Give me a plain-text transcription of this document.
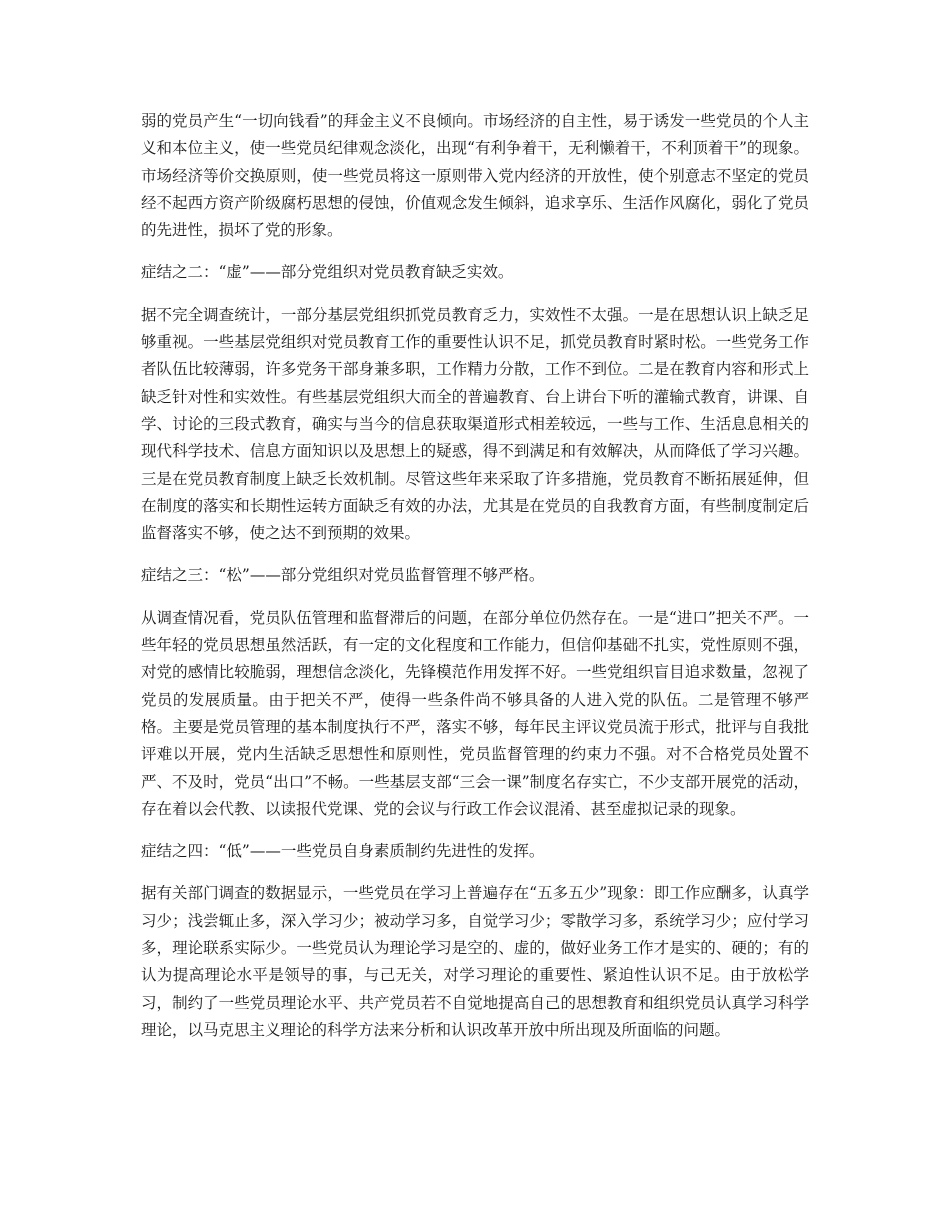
弱的党员产生“一切向钱看”的拜金主义不良倾向。市场经济的自主性，易于诱发一些党员的个人主义和本位主义，使一些党员纪律观念淡化，出现“有利争着干，无利懒着干，不利顶着干”的现象。市场经济等价交换原则，使一些党员将这一原则带入党内经济的开放性，使个别意志不坚定的党员经不起西方资产阶级腐朽思想的侵蚀，价值观念发生倾斜，追求享乐、生活作风腐化，弱化了党员的先进性，损坏了党的形象。

症结之二：“虚”——部分党组织对党员教育缺乏实效。

据不完全调查统计，一部分基层党组织抓党员教育乏力，实效性不太强。一是在思想认识上缺乏足够重视。一些基层党组织对党员教育工作的重要性认识不足，抓党员教育时紧时松。一些党务工作者队伍比较薄弱，许多党务干部身兼多职，工作精力分散，工作不到位。二是在教育内容和形式上缺乏针对性和实效性。有些基层党组织大而全的普遍教育、台上讲台下听的灌输式教育，讲课、自学、讨论的三段式教育，确实与当今的信息获取渠道形式相差较远，一些与工作、生活息息相关的现代科学技术、信息方面知识以及思想上的疑惑，得不到满足和有效解决，从而降低了学习兴趣。三是在党员教育制度上缺乏长效机制。尽管这些年来采取了许多措施，党员教育不断拓展延伸，但在制度的落实和长期性运转方面缺乏有效的办法，尤其是在党员的自我教育方面，有些制度制定后监督落实不够，使之达不到预期的效果。

症结之三：“松”——部分党组织对党员监督管理不够严格。

从调查情况看，党员队伍管理和监督滞后的问题，在部分单位仍然存在。一是“进口”把关不严。一些年轻的党员思想虽然活跃，有一定的文化程度和工作能力，但信仰基础不扎实，党性原则不强，对党的感情比较脆弱，理想信念淡化，先锋模范作用发挥不好。一些党组织盲目追求数量，忽视了党员的发展质量。由于把关不严，使得一些条件尚不够具备的人进入党的队伍。二是管理不够严格。主要是党员管理的基本制度执行不严，落实不够，每年民主评议党员流于形式，批评与自我批评难以开展，党内生活缺乏思想性和原则性，党员监督管理的约束力不强。对不合格党员处置不严、不及时，党员“出口”不畅。一些基层支部“三会一课”制度名存实亡，不少支部开展党的活动，存在着以会代教、以读报代党课、党的会议与行政工作会议混淆、甚至虚拟记录的现象。

症结之四：“低”——一些党员自身素质制约先进性的发挥。

据有关部门调查的数据显示，一些党员在学习上普遍存在“五多五少”现象：即工作应酬多，认真学习少；浅尝辄止多，深入学习少；被动学习多，自觉学习少；零散学习多，系统学习少；应付学习多，理论联系实际少。一些党员认为理论学习是空的、虚的，做好业务工作才是实的、硬的；有的认为提高理论水平是领导的事，与己无关，对学习理论的重要性、紧迫性认识不足。由于放松学习，制约了一些党员理论水平、共产党员若不自觉地提高自己的思想教育和组织党员认真学习科学理论，以马克思主义理论的科学方法来分析和认识改革开放中所出现及所面临的问题。
